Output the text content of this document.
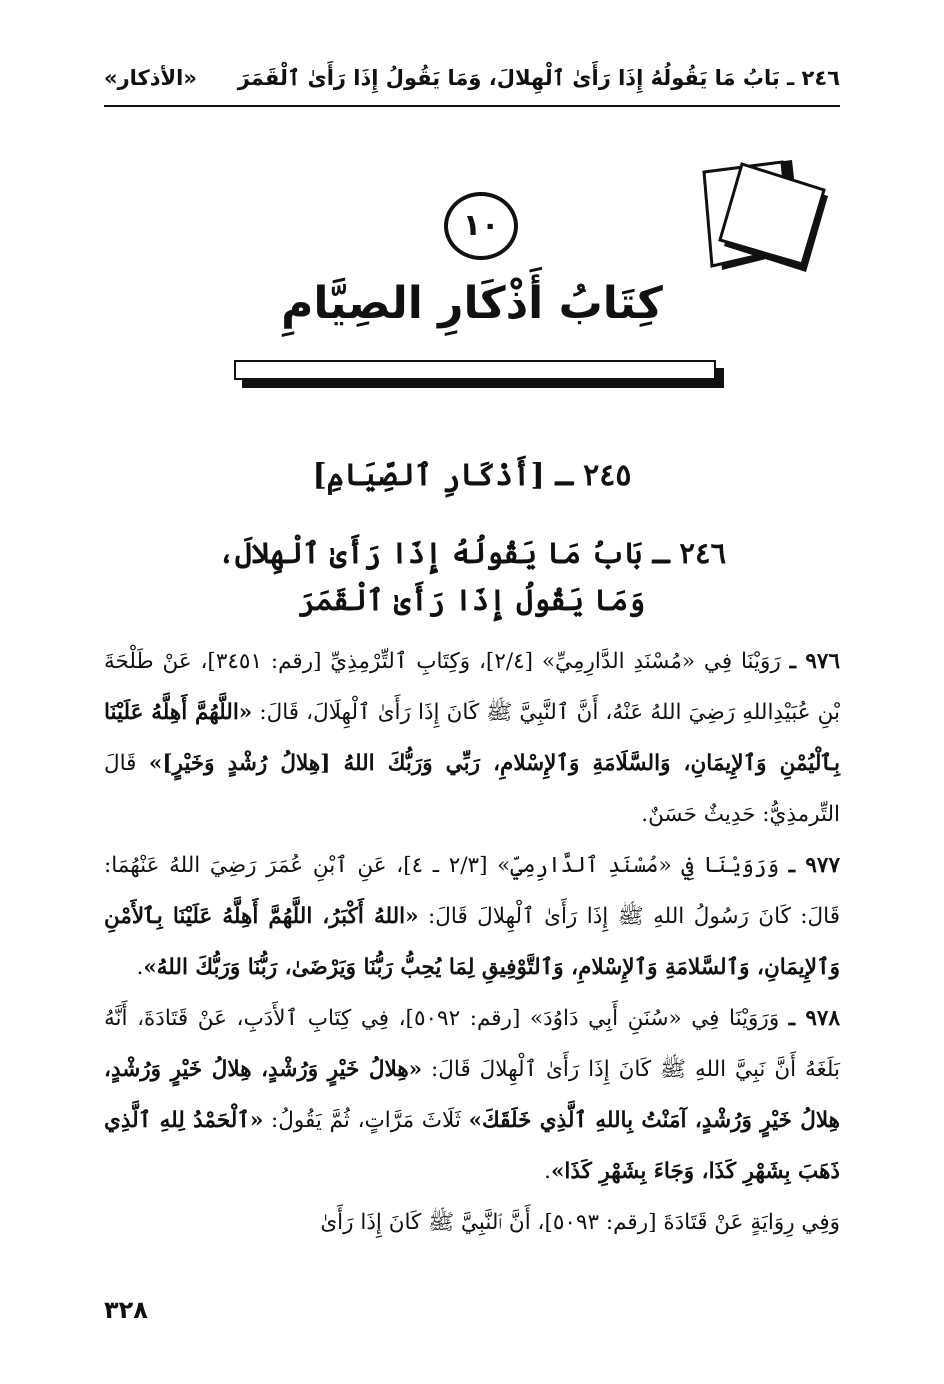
٢٤٦ ـ بَابُ مَا يَقُولُهُ إِذَا رَأَىٰ ٱلْهِلالَ، وَمَا يَقُولُ إِذَا رَأَىٰ ٱلْقَمَرَ
«الأذكار»
١٠
كِتَابُ أَذْكَارِ الصِيَّامِ
٢٤٥ ـ [أَذْكَارِ ٱلصِّيَامِ]
٢٤٦ ـ بَابُ مَا يَقُولُهُ إِذَا رَأَىٰ ٱلْهِلالَ،
وَمَا يَقُولُ إِذَا رَأَىٰ ٱلْقَمَرَ

٩٧٦ ـ رَوَيْنَا فِي «مُسْنَدِ الدَّارِمِيِّ» [٢/٤]، وَكِتَابِ ٱلتِّرْمِذِيِّ [رقم: ٣٤٥١]، عَنْ طَلْحَةَ بْنِ عُبَيْدِاللهِ رَضِيَ اللهُ عَنْهُ، أَنَّ ٱلنَّبِيَّ ﷺ كَانَ إِذَا رَأَىٰ ٱلْهِلَالَ، قَالَ: «اللَّهُمَّ أَهِلَّهُ عَلَيْنَا بِٱلْيُمْنِ وَٱلإِيمَانِ، وَالسَّلَامَةِ وَٱلإِسْلامِ، رَبِّي وَرَبُّكَ اللهُ [هِلالُ رُشْدٍ وَخَيْرٍ]» قَالَ التِّرمذِيُّ: حَدِيثٌ حَسَنٌ.

٩٧٧ ـ وَرَوَيْنَا فِي «مُسْنَدِ ٱلدَّارِمِيِّ» [٢/٣ ـ ٤]، عَنِ ٱبْنِ عُمَرَ رَضِيَ اللهُ عَنْهُمَا: قَالَ: كَانَ رَسُولُ اللهِ ﷺ إِذَا رَأَىٰ ٱلْهِلالَ قَالَ: «اللهُ أَكْبَرُ، اللَّهُمَّ أَهِلَّهُ عَلَيْنَا بِٱلأَمْنِ وَٱلإِيمَانِ، وَٱلسَّلامَةِ وَٱلإِسْلامِ، وَٱلتَّوْفِيقِ لِمَا يُحِبُّ رَبُّنَا وَيَرْضَىٰ، رَبُّنَا وَرَبُّكَ اللهُ».

٩٧٨ ـ وَرَوَيْنَا فِي «سُنَنِ أَبِي دَاوُدَ» [رقم: ٥٠٩٢]، فِي كِتَابِ ٱلأَدَبِ، عَنْ قَتَادَةَ، أَنَّهُ بَلَغَهُ أَنَّ نَبِيَّ اللهِ ﷺ كَانَ إِذَا رَأَىٰ ٱلْهِلالَ قَالَ: «هِلالُ خَيْرٍ وَرُشْدٍ، هِلالُ خَيْرٍ وَرُشْدٍ، هِلالُ خَيْرٍ وَرُشْدٍ، آمَنْتُ بِاللهِ ٱلَّذِي خَلَقَكَ» ثَلَاثَ مَرَّاتٍ، ثُمَّ يَقُولُ: «ٱلْحَمْدُ لِلهِ ٱلَّذِي ذَهَبَ بِشَهْرِ كَذَا، وَجَاءَ بِشَهْرِ كَذَا».

وَفِي رِوَايَةٍ عَنْ قَتَادَةَ [رقم: ٥٠٩٣]، أَنَّ ٱلنَّبِيَّ ﷺ كَانَ إِذَا رَأَىٰ

٣٢٨
